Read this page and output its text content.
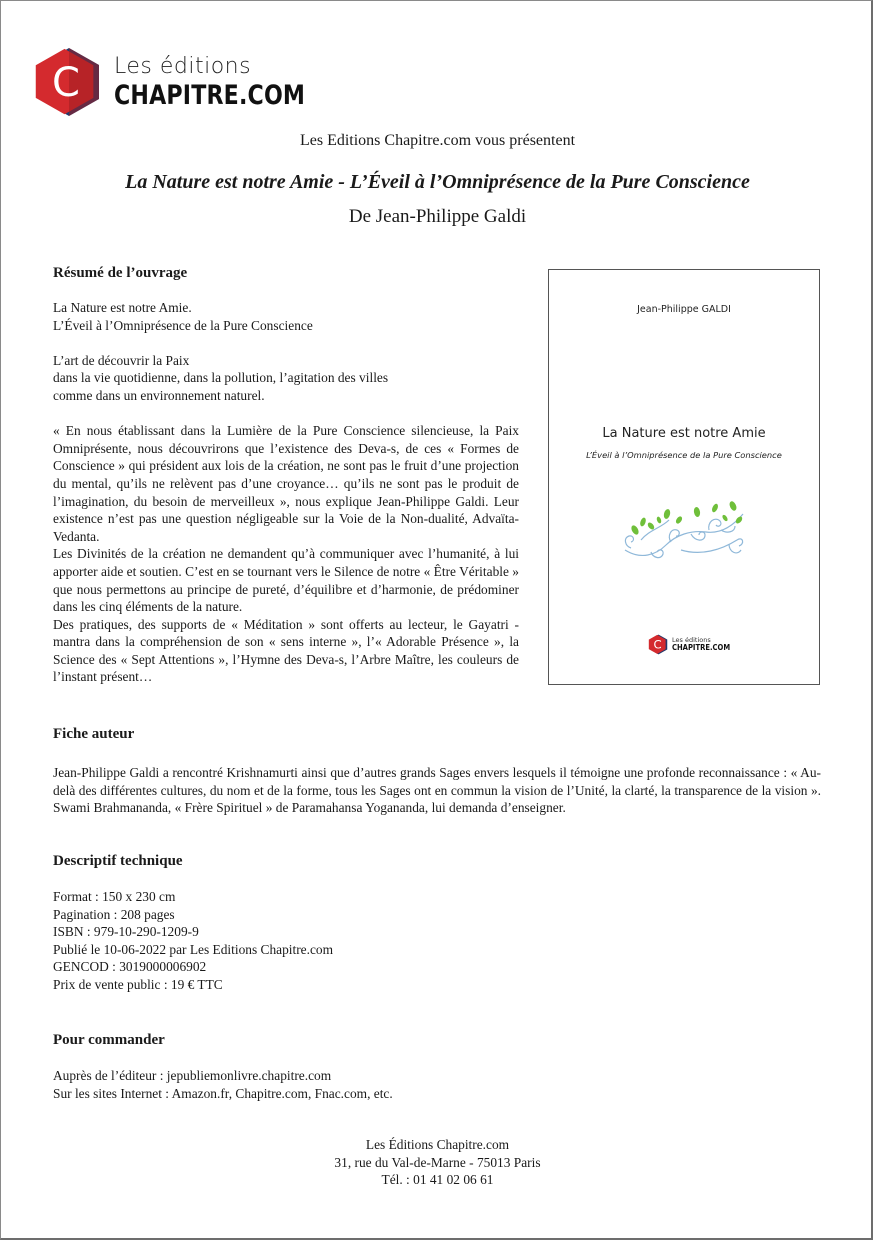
C Les éditions
CHAPITRE.COM
Les Editions Chapitre.com vous présentent
La Nature est notre Amie - L’Éveil à l’Omniprésence de la Pure Conscience
De Jean-Philippe Galdi
Résumé de l’ouvrage

La Nature est notre Amie.

L’Éveil à l’Omniprésence de la Pure Conscience

L’art de découvrir la Paix

dans la vie quotidienne, dans la pollution, l’agitation des villes

comme dans un environnement naturel.

« En nous établissant dans la Lumière de la Pure Conscience silencieuse, la Paix Omniprésente, nous découvrirons que l’existence des Deva-s, de ces « Formes de Conscience » qui président aux lois de la création, ne sont pas le fruit d’une projection du mental, qu’ils ne relèvent pas d’une croyance… qu’ils ne sont pas le produit de l’imagination, du besoin de merveilleux », nous explique Jean-Philippe Galdi. Leur existence n’est pas une question négligeable sur la Voie de la Non-dualité, Advaïta-Vedanta.

Les Divinités de la création ne demandent qu’à communiquer avec l’humanité, à lui apporter aide et soutien. C’est en se tournant vers le Silence de notre « Être Véritable » que nous permettons au principe de pureté, d’équilibre et d’harmonie, de prédominer dans les cinq éléments de la nature.

Des pratiques, des supports de « Méditation » sont offerts au lecteur, le Gayatri - mantra dans la compréhension de son « sens interne », l’« Adorable Présence », la Science des « Sept Attentions », l’Hymne des Deva-s, l’Arbre Maître, les couleurs de l’instant présent…

Jean-Philippe GALDI
La Nature est notre Amie
L’Éveil à l’Omniprésence de la Pure Conscience
C Les éditions
CHAPITRE.COM
Fiche auteur
Jean-Philippe Galdi a rencontré Krishnamurti ainsi que d’autres grands Sages envers lesquels il témoigne une profonde reconnaissance : « Au-delà des différentes cultures, du nom et de la forme, tous les Sages ont en commun la vision de l’Unité, la clarté, la transparence de la vision ». Swami Brahmananda, « Frère Spirituel » de Paramahansa Yogananda, lui demanda d’enseigner.
Descriptif technique

Format : 150 x 230 cm

Pagination : 208 pages

ISBN : 979-10-290-1209-9

Publié le 10-06-2022 par Les Editions Chapitre.com

GENCOD : 3019000006902

Prix de vente public : 19 € TTC

Pour commander

Auprès de l’éditeur : jepubliemonlivre.chapitre.com

Sur les sites Internet : Amazon.fr, Chapitre.com, Fnac.com, etc.

Les Éditions Chapitre.com

31, rue du Val-de-Marne - 75013 Paris

Tél. : 01 41 02 06 61
